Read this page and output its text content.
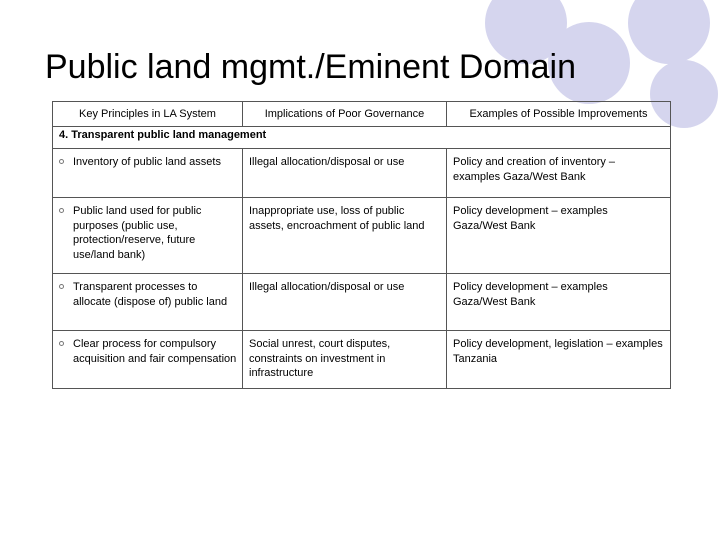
Public land mgmt./Eminent Domain
Key Principles in LA System	Implications of Poor Governance	Examples of Possible Improvements
4. Transparent public land management		

Inventory of public land assets	Illegal allocation/disposal or use	Policy and creation of inventory – examples Gaza/West Bank

Public land used for public purposes (public use, protection/reserve, future use/land bank)	Inappropriate use, loss of public assets, encroachment of public land	Policy development – examples Gaza/West Bank

Transparent processes to allocate (dispose of) public land	Illegal allocation/disposal or use	Policy development – examples Gaza/West Bank

Clear process for compulsory acquisition and fair compensation	Social unrest, court disputes, constraints on investment in infrastructure	Policy development, legislation – examples Tanzania
